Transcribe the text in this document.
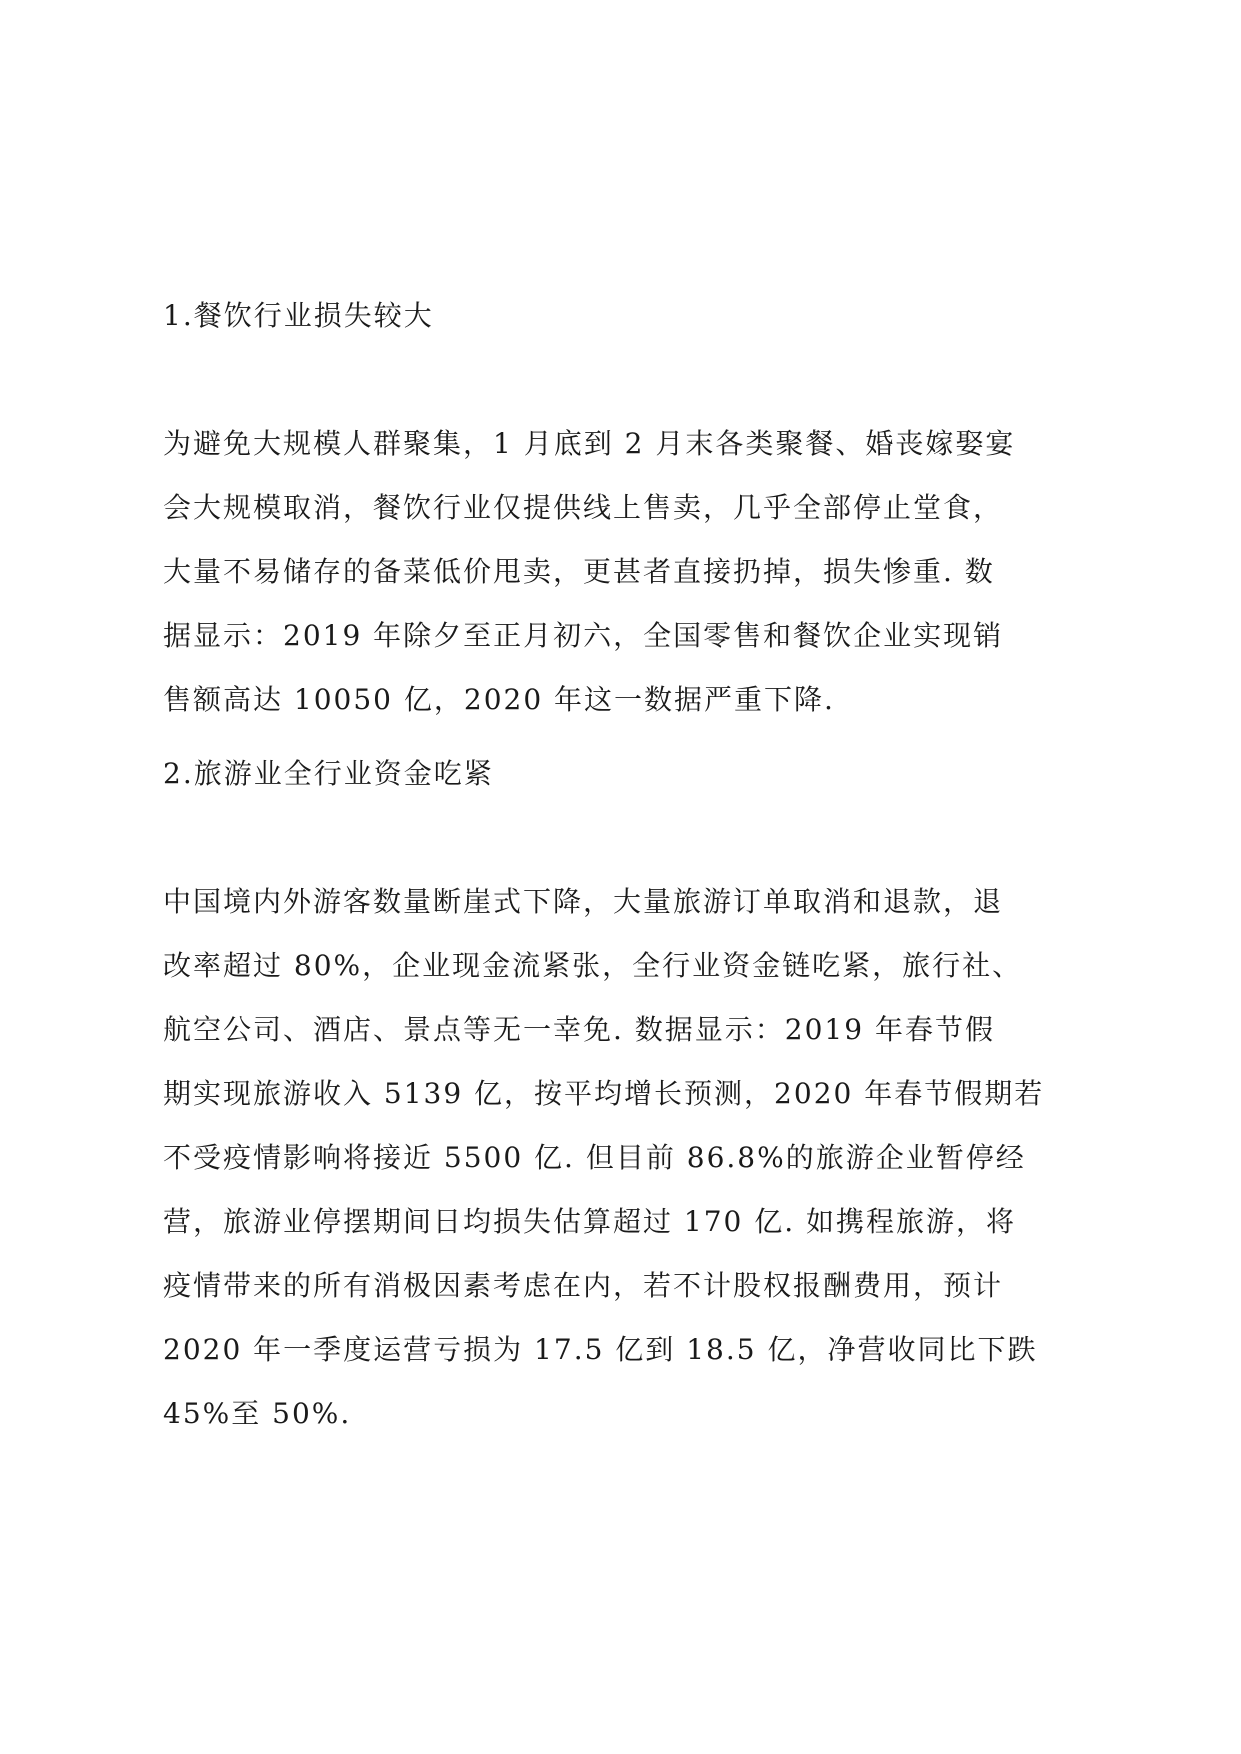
1.餐饮行业损失较大
为避免大规模人群聚集，1 月底到 2 月末各类聚餐、婚丧嫁娶宴
会大规模取消，餐饮行业仅提供线上售卖，几乎全部停止堂食，
大量不易储存的备菜低价甩卖，更甚者直接扔掉，损失惨重. 数
据显示：2019 年除夕至正月初六，全国零售和餐饮企业实现销
售额高达 10050 亿，2020 年这一数据严重下降.
2.旅游业全行业资金吃紧
中国境内外游客数量断崖式下降，大量旅游订单取消和退款，退
改率超过 80%，企业现金流紧张，全行业资金链吃紧，旅行社、
航空公司、酒店、景点等无一幸免. 数据显示：2019 年春节假
期实现旅游收入 5139 亿，按平均增长预测，2020 年春节假期若
不受疫情影响将接近 5500 亿. 但目前 86.8%的旅游企业暂停经
营，旅游业停摆期间日均损失估算超过 170 亿. 如携程旅游，将
疫情带来的所有消极因素考虑在内，若不计股权报酬费用，预计
2020 年一季度运营亏损为 17.5 亿到 18.5 亿，净营收同比下跌
45%至 50%.
